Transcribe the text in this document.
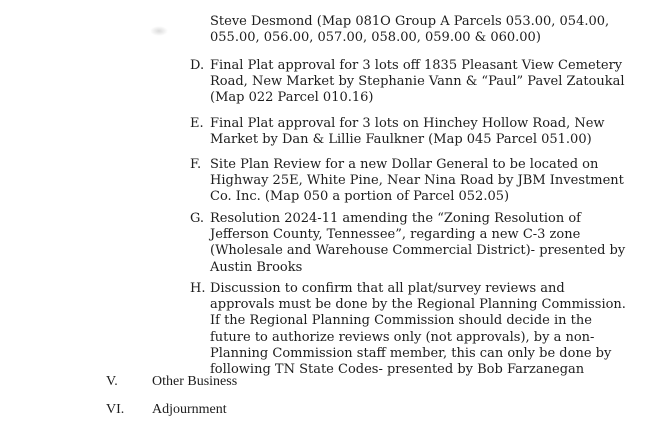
Steve Desmond (Map 081O Group A Parcels 053.00, 054.00,
055.00, 056.00, 057.00, 058.00, 059.00 & 060.00)
D. Final Plat approval for 3 lots off 1835 Pleasant View Cemetery
Road, New Market by Stephanie Vann & “Paul” Pavel Zatoukal
(Map 022 Parcel 010.16)
E. Final Plat approval for 3 lots on Hinchey Hollow Road, New
Market by Dan & Lillie Faulkner (Map 045 Parcel 051.00)
F. Site Plan Review for a new Dollar General to be located on
Highway 25E, White Pine, Near Nina Road by JBM Investment
Co. Inc. (Map 050 a portion of Parcel 052.05)
G. Resolution 2024-11 amending the “Zoning Resolution of
Jefferson County, Tennessee”, regarding a new C-3 zone
(Wholesale and Warehouse Commercial District)- presented by
Austin Brooks
H. Discussion to confirm that all plat/survey reviews and
approvals must be done by the Regional Planning Commission.
If the Regional Planning Commission should decide in the
future to authorize reviews only (not approvals), by a non-
Planning Commission staff member, this can only be done by
following TN State Codes- presented by Bob Farzanegan
V. Other Business
VI. Adjournment
